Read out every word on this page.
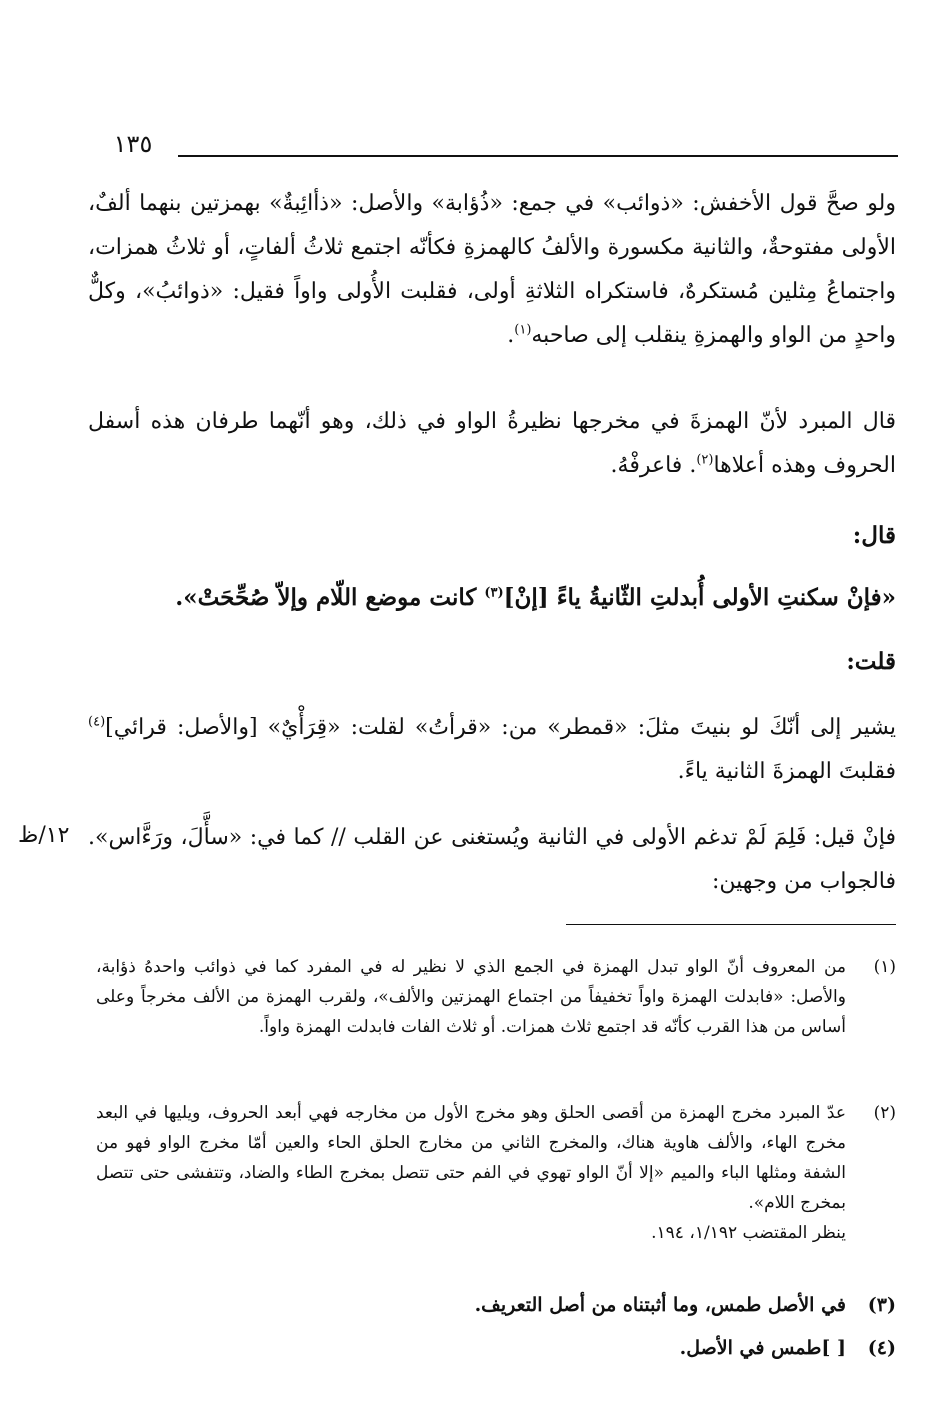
١٣٥

ولو صحَّ قول الأخفش: «ذوائب» في جمع: «ذُؤابة» والأصل: «ذأائِبةٌ» بهمزتين بنهما ألفٌ، الأولى مفتوحةٌ، والثانية مكسورة والألفُ كالهمزةِ فكأنّه اجتمع ثلاثُ ألفاتٍ، أو ثلاثُ همزات، واجتماعُ مِثلين مُستكرهٌ، فاستكراه الثلاثةِ أولى، فقلبت الأُولى واواً فقيل: «ذوائبُ»، وكلٌّ واحدٍ من الواو والهمزةِ ينقلب إلى صاحبه$^{(١)}$.

قال المبرد لأنّ الهمزةَ في مخرجها نظيرةُ الواو في ذلك، وهو أنّهما طرفان هذه أسفل الحروف وهذه أعلاها$^{(٢)}$. فاعرفْهُ.

قال:

«فإنْ سكنتِ الأولى أُبدلتِ الثّانيةُ ياءً [إنْ]$^{(٣)}$ كانت موضع اللّام وإلاّ صُحِّحَتْ».

قلت:

يشير إلى أنّكَ لو بنيتَ مثلَ: «قمطر» من: «قرأتُ» لقلت: «قِرَأْيٌ» [والأصل: قرائي]$^{(٤)}$ فقلبتَ الهمزةَ الثانية ياءً.

فإنْ قيل: فَلِمَ لَمْ تدغم الأولى في الثانية ويُستغنى عن القلب // كما في: «سأَّلَ، ورَءَّاس». فالجواب من وجهين:

١٢/ظ
(١)
من المعروف أنّ الواو تبدل الهمزة في الجمع الذي لا نظير له في المفرد كما في ذوائب واحدهُ ذؤابة، والأصل: «فابدلت الهمزة واواً تخفيفاً من اجتماع الهمزتين والألف»، ولقرب الهمزة من الألف مخرجاً وعلى أساس من هذا القرب كأنّه قد اجتمع ثلاث همزات. أو ثلاث الفات فابدلت الهمزة واواً.
(٢)
عدّ المبرد مخرج الهمزة من أقصى الحلق وهو مخرج الأول من مخارجه فهي أبعد الحروف، ويليها في البعد مخرج الهاء، والألف هاوية هناك، والمخرج الثاني من مخارج الحلق الحاء والعين أمّا مخرج الواو فهو من الشفة ومثلها الباء والميم «إلا أنّ الواو تهوي في الفم حتى تتصل بمخرج الطاء والضاد، وتتفشى حتى تتصل بمخرج اللام».
ينظر المقتضب ١/١٩٢، ١٩٤.
(٣)
في الأصل طمس، وما أثبتناه من أصل التعريف.
(٤)
[ ]طمس في الأصل.
